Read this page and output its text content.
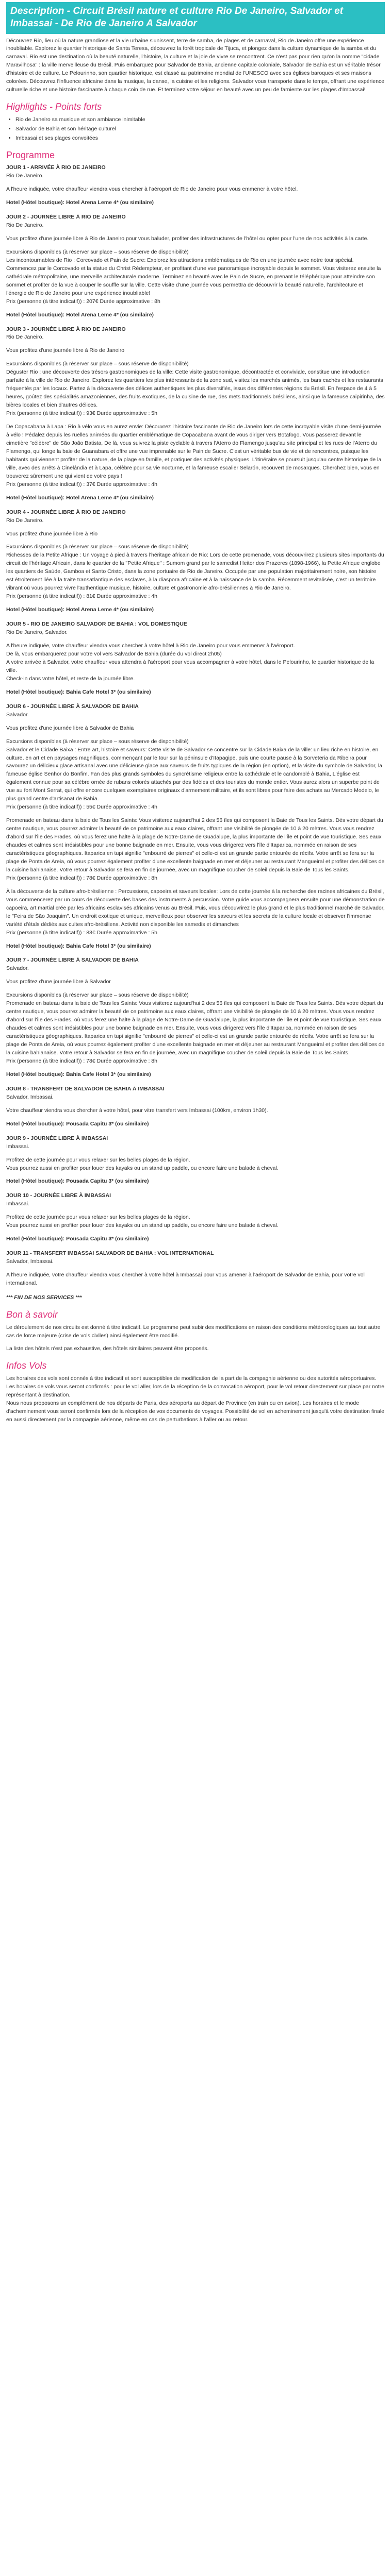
Description - Circuit Brésil nature et culture Rio De Janeiro, Salvador et Imbassai - De Rio de Janeiro A Salvador

Découvrez Rio, lieu où la nature grandiose et la vie urbaine s'unissent, terre de samba, de plages et de carnaval, Rio de Janeiro offre une expérience inoubliable. Explorez le quartier historique de Santa Teresa, découvrez la forêt tropicale de Tijuca, et plongez dans la culture dynamique de la samba et du carnaval. Rio est une destination où la beauté naturelle, l'histoire, la culture et la joie de vivre se rencontrent. Ce n'est pas pour rien qu'on la nomme "cidade Maravilhosa" : la ville merveilleuse du Brésil. Puis embarquez pour Salvador de Bahia, ancienne capitale coloniale, Salvador de Bahia est un véritable trésor d'histoire et de culture. Le Pelourinho, son quartier historique, est classé au patrimoine mondial de l'UNESCO avec ses églises baroques et ses maisons colorées. Découvrez l'influence africaine dans la musique, la danse, la cuisine et les religions. Salvador vous transporte dans le temps, offrant une expérience culturelle riche et une histoire fascinante à chaque coin de rue. Et terminez votre séjour en beauté avec un peu de farniente sur les plages d'Imbassai!

Highlights - Points forts
• Rio de Janeiro sa musique et son ambiance inimitable
• Salvador de Bahia et son héritage culturel
• Imbassai et ses plages convoitées
Programme

JOUR 1 - ARRIVÉE À RIO DE JANEIRO

Rio De Janeiro.

A l'heure indiquée, votre chauffeur viendra vous chercher à l'aéroport de Rio de Janeiro pour vous emmener à votre hôtel.

Hotel (Hôtel boutique): Hotel Arena Leme 4* (ou similaire)

JOUR 2 - JOURNÉE LIBRE À RIO DE JANEIRO

Rio De Janeiro.

Vous profitez d'une journée libre à Rio de Janeiro pour vous baluder, profiter des infrastructures de l'hôtel ou opter pour l'une de nos activités à la carte.

Excursions disponibles (à réserver sur place – sous réserve de disponibilité)
Les incontournables de Rio : Corcovado et Pain de Sucre: Explorez les attractions emblématiques de Rio en une journée avec notre tour spécial. Commencez par le Corcovado et la statue du Christ Rédempteur, en profitant d'une vue panoramique incroyable depuis le sommet. Vous visiterez ensuite la cathédrale métropolitaine, une merveille architecturale moderne. Terminez en beauté avec le Pain de Sucre, en prenant le téléphérique pour atteindre son sommet et profiter de la vue à couper le souffle sur la ville. Cette visite d'une journée vous permettra de découvrir la beauté naturelle, l'architecture et l'énergie de Rio de Janeiro pour une expérience inoubliable!
Prix (personne (à titre indicatif)) : 207€ Durée approximative : 8h

Hotel (Hôtel boutique): Hotel Arena Leme 4* (ou similaire)

JOUR 3 - JOURNÉE LIBRE À RIO DE JANEIRO

Rio De Janeiro.

Vous profitez d'une journée libre à Rio de Janeiro

Excursions disponibles (à réserver sur place – sous réserve de disponibilité)
Déguster Rio : une découverte des trésors gastronomiques de la ville: Cette visite gastronomique, décontractée et conviviale, constitue une introduction parfaite à la ville de Rio de Janeiro. Explorez les quartiers les plus intéressants de la zone sud, visitez les marchés animés, les bars cachés et les restaurants fréquentés par les locaux. Partez à la découverte des délices authentiques les plus diversifiés, issus des différentes régions du Brésil. En l'espace de 4 à 5 heures, goûtez des spécialités amazoniennes, des fruits exotiques, de la cuisine de rue, des mets traditionnels brésiliens, ainsi que la fameuse caipirinha, des bières locales et bien d'autres délices.
Prix (personne (à titre indicatif)) : 93€ Durée approximative : 5h

De Copacabana à Lapa : Rio à vélo vous en aurez envie: Découvrez l'histoire fascinante de Rio de Janeiro lors de cette incroyable visite d'une demi-journée à vélo ! Pédalez depuis les ruelles animées du quartier emblématique de Copacabana avant de vous diriger vers Botafogo. Vous passerez devant le cimetière "célèbre" de São João Batista, De là, vous suivrez la piste cyclable à travers l'Aterro do Flamengo jusqu'au site principal et les rues de l'Aterro du Flamengo, qui longe la baie de Guanabara et offre une vue imprenable sur le Pain de Sucre. C'est un véritable bus de vie et de rencontres, puisque les habitants qui viennent profiter de la nature, de la plage en famille, et pratiquer des activités physiques. L'itinéraire se poursuit jusqu'au centre historique de la ville, avec des arrêts à Cinelândia et à Lapa, célèbre pour sa vie nocturne, et la fameuse escalier Selarón, recouvert de mosaïques. Cherchez bien, vous en trouverez sûrement une qui vient de votre pays !
Prix (personne (à titre indicatif)) : 37€ Durée approximative : 4h

Hotel (Hôtel boutique): Hotel Arena Leme 4* (ou similaire)

JOUR 4 - JOURNÉE LIBRE À RIO DE JANEIRO

Rio De Janeiro.

Vous profitez d'une journée libre à Rio

Excursions disponibles (à réserver sur place – sous réserve de disponibilité)
Richesses de la Petite Afrique : Un voyage à pied à travers l'héritage africain de Rio: Lors de cette promenade, vous découvrirez plusieurs sites importants du circuit de l'héritage Africain, dans le quartier de la "Petite Afrique" : Sumom grand par le samedist Heitor dos Prazeres (1898-1966), la Petite Afrique englobe les quartiers de Saúde, Gamboa et Santo Cristo, dans la zone portuaire de Rio de Janeiro. Occupée par une population majoritairement noire, son histoire est étroitement liée à la traite transatlantique des esclaves, à la diaspora africaine et à la naissance de la samba. Récemment revitalisée, c'est un territoire vibrant où vous pourrez vivre l'authentique musique, histoire, culture et gastronomie afro-brésiliennes à Rio de Janeiro.
Prix (personne (à titre indicatif)) : 81€ Durée approximative : 4h

Hotel (Hôtel boutique): Hotel Arena Leme 4* (ou similaire)

JOUR 5 - RIO DE JANEIRO SALVADOR DE BAHIA : VOL DOMESTIQUE

Rio De Janeiro, Salvador.

A l'heure indiquée, votre chauffeur viendra vous chercher à votre hôtel à Rio de Janeiro pour vous emmener à l'aéroport.
De là, vous embarquerez pour votre vol vers Salvador de Bahia (durée du vol direct 2h05)
A votre arrivée à Salvador, votre chauffeur vous attendra à l'aéroport pour vous accompagner à votre hôtel, dans le Pelourinho, le quartier historique de la ville.
Check-in dans votre hôtel, et reste de la journée libre.

Hotel (Hôtel boutique): Bahia Cafe Hotel 3* (ou similaire)

JOUR 6 - JOURNÉE LIBRE À SALVADOR DE BAHIA

Salvador.

Vous profitez d'une journée libre à Salvador de Bahia

Excursions disponibles (à réserver sur place – sous réserve de disponibilité)
Salvador et le Cidade Baixa : Entre art, histoire et saveurs: Cette visite de Salvador se concentre sur la Cidade Baixa de la ville: un lieu riche en histoire, en culture, en art et en paysages magnifiques, commençant par le tour sur la péninsule d'Itapagipe, puis une courte pause à la Sorveteria da Ribeira pour savourez un délicieux glace artisanal avec une délicieuse glace aux saveurs de fruits typiques de la région (en option), et la visite du symbole de Salvador, la fameuse église Senhor do Bonfim. Fan des plus grands symboles du syncrétisme religieux entre la cathédrale et le candomblé à Bahia, L'église est également connue pour sa célèbre ornée de rubans colorés attachés par des fidèles et des touristes du monde entier. Vous aurez alors un superbe point de vue au fort Mont Serrat, qui offre encore quelques exemplaires originaux d'armement militaire, et ils sont libres pour faire des achats au Mercado Modelo, le plus grand centre d'artisanat de Bahia.
Prix (personne (à titre indicatif)) : 55€ Durée approximative : 4h

Promenade en bateau dans la baie de Tous les Saints: Vous visiterez aujourd'hui 2 des 56 îles qui composent la Baie de Tous les Saints. Dès votre départ du centre nautique, vous pourrez admirer la beauté de ce patrimoine aux eaux claires, offrant une visibilité de plongée de 10 à 20 mètres. Vous vous rendrez d'abord sur l'île des Frades, où vous ferez une halte à la plage de Notre-Dame de Guadalupe, la plus importante de l'île et point de vue touristique. Ses eaux chaudes et calmes sont irrésistibles pour une bonne baignade en mer. Ensuite, vous vous dirigerez vers l'île d'Itaparica, nommée en raison de ses caractéristiques géographiques. Itaparica en tupi signifie "enbourré de pierres" et celle-ci est un grande partie entourée de récifs. Votre arrêt se fera sur la plage de Ponta de Areia, où vous pourrez également profiter d'une excellente baignade en mer et déjeuner au restaurant Mangueiral et profiter des délices de la cuisine bahianaise. Votre retour à Salvador se fera en fin de journée, avec un magnifique coucher de soleil depuis la Baie de Tous les Saints.
Prix (personne (à titre indicatif)) : 78€ Durée approximative : 8h

À la découverte de la culture afro-brésilienne : Percussions, capoeira et saveurs locales: Lors de cette journée à la recherche des racines africaines du Brésil, vous commencerez par un cours de découverte des bases des instruments à percussion. Votre guide vous accompagnera ensuite pour une démonstration de capoeira, art martial crée par les africains esclavisés africains venus au Brésil. Puis, vous découvrirez le plus grand et le plus traditionnel marché de Salvador, le "Feira de São Joaquim". Un endroit exotique et unique, merveilleux pour observer les saveurs et les secrets de la culture locale et observer l'immense variété d'étals dédiés aux cultes afro-brésiliens. Activité non disponible les samedis et dimanches
Prix (personne (à titre indicatif)) : 83€ Durée approximative : 5h

Hotel (Hôtel boutique): Bahia Cafe Hotel 3* (ou similaire)

JOUR 7 - JOURNÉE LIBRE À SALVADOR DE BAHIA

Salvador.

Vous profitez d'une journée libre à Salvador

Excursions disponibles (à réserver sur place – sous réserve de disponibilité)
Promenade en bateau dans la baie de Tous les Saints: Vous visiterez aujourd'hui 2 des 56 îles qui composent la Baie de Tous les Saints. Dès votre départ du centre nautique, vous pourrez admirer la beauté de ce patrimoine aux eaux claires, offrant une visibilité de plongée de 10 à 20 mètres. Vous vous rendrez d'abord sur l'île des Frades, où vous ferez une halte à la plage de Notre-Dame de Guadalupe, la plus importante de l'île et point de vue touristique. Ses eaux chaudes et calmes sont irrésistibles pour une bonne baignade en mer. Ensuite, vous vous dirigerez vers l'île d'Itaparica, nommée en raison de ses caractéristiques géographiques. Itaparica en tupi signifie "enbourré de pierres" et celle-ci est un grande partie entourée de récifs. Votre arrêt se fera sur la plage de Ponta de Areia, où vous pourrez également profiter d'une excellente baignade en mer et déjeuner au restaurant Mangueiral et profiter des délices de la cuisine bahianaise. Votre retour à Salvador se fera en fin de journée, avec un magnifique coucher de soleil depuis la Baie de Tous les Saints.
Prix (personne (à titre indicatif)) : 78€ Durée approximative : 8h

Hotel (Hôtel boutique): Bahia Cafe Hotel 3* (ou similaire)

JOUR 8 - TRANSFERT DE SALVADOR DE BAHIA À IMBASSAI

Salvador, Imbassai.

Votre chauffeur viendra vous chercher à votre hôtel, pour vitre transfert vers Imbassai (100km, environ 1h30).

Hotel (Hôtel boutique): Pousada Capitu 3* (ou similaire)

JOUR 9 - JOURNÉE LIBRE À IMBASSAI

Imbassai.

Profitez de cette journée pour vous relaxer sur les belles plages de la région.
Vous pourrez aussi en profiter pour louer des kayaks ou un stand up paddle, ou encore faire une balade à cheval.

Hotel (Hôtel boutique): Pousada Capitu 3* (ou similaire)

JOUR 10 - JOURNÉE LIBRE À IMBASSAI

Imbassai.

Profitez de cette journée pour vous relaxer sur les belles plages de la région.
Vous pourrez aussi en profiter pour louer des kayaks ou un stand up paddle, ou encore faire une balade à cheval.

Hotel (Hôtel boutique): Pousada Capitu 3* (ou similaire)

JOUR 11 - TRANSFERT IMBASSAI SALVADOR DE BAHIA : VOL INTERNATIONAL

Salvador, Imbassai.

A l'heure indiquée, votre chauffeur viendra vous chercher à votre hôtel à Imbassai pour vous amener à l'aéroport de Salvador de Bahia, pour votre vol international.

*** FIN DE NOS SERVICES ***

Bon à savoir

Le déroulement de nos circuits est donné à titre indicatif. Le programme peut subir des modifications en raison des conditions météorologiques au tout autre cas de force majeure (crise de vols civiles) ainsi également être modifié.

La liste des hôtels n'est pas exhaustive, des hôtels similaires peuvent être proposés.

Infos Vols

Les horaires des vols sont donnés à titre indicatif et sont susceptibles de modification de la part de la compagnie aérienne ou des autorités aéroportuaires.
Les horaires de vols vous seront confirmés : pour le vol aller, lors de la réception de la convocation aéroport, pour le vol retour directement sur place par notre représentant à destination.
Nous nous proposons un complément de nos départs de Paris, des aéroports au départ de Province (en train ou en avion). Les horaires et le mode d'acheminement vous seront confirmés lors de la réception de vos documents de voyages. Possibilité de vol en acheminement jusqu'à votre destination finale en aussi directement par la compagnie aérienne, même en cas de perturbations à l'aller ou au retour.
